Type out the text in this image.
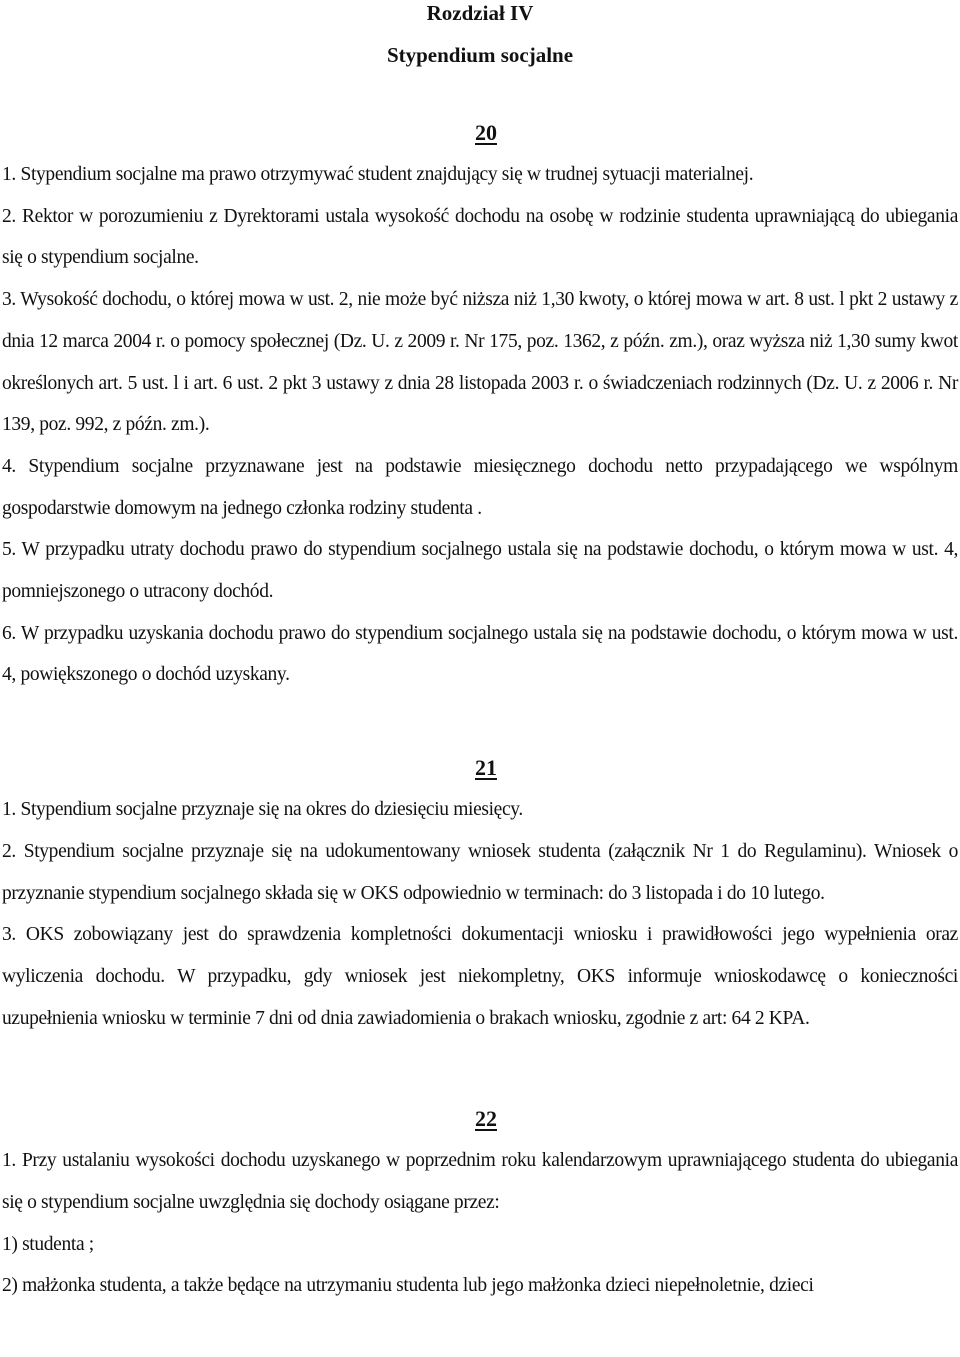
Rozdział IV

Stypendium socjalne

20

1. Stypendium socjalne ma prawo otrzymywać student znajdujący się w trudnej sytuacji materialnej.

2. Rektor w porozumieniu z Dyrektorami ustala wysokość dochodu na osobę w rodzinie studenta uprawniającą do ubiegania się o stypendium socjalne.

3. Wysokość dochodu, o której mowa w ust. 2, nie może być niższa niż 1,30 kwoty, o której mowa w art. 8 ust. l pkt 2 ustawy z dnia 12 marca 2004 r. o pomocy społecznej (Dz. U. z 2009 r. Nr 175, poz. 1362, z późn. zm.), oraz wyższa niż 1,30 sumy kwot określonych art. 5 ust. l i art. 6 ust. 2 pkt 3 ustawy z dnia 28 listopada 2003 r. o świadczeniach rodzinnych (Dz. U. z 2006 r. Nr 139, poz. 992, z późn. zm.).

4. Stypendium socjalne przyznawane jest na podstawie miesięcznego dochodu netto przypadającego we wspólnym gospodarstwie domowym na jednego członka rodziny studenta .

5. W przypadku utraty dochodu prawo do stypendium socjalnego ustala się na podstawie dochodu, o którym mowa w ust. 4, pomniejszonego o utracony dochód.

6. W przypadku uzyskania dochodu prawo do stypendium socjalnego ustala się na podstawie dochodu, o którym mowa w ust. 4, powiększonego o dochód uzyskany.

21

1. Stypendium socjalne przyznaje się na okres do dziesięciu miesięcy.

2. Stypendium socjalne przyznaje się na udokumentowany wniosek studenta (załącznik Nr 1 do Regulaminu). Wniosek o przyznanie stypendium socjalnego składa się w OKS odpowiednio w terminach: do 3 listopada i do 10 lutego.

3. OKS zobowiązany jest do sprawdzenia kompletności dokumentacji wniosku i prawidłowości jego wypełnienia oraz wyliczenia dochodu. W przypadku, gdy wniosek jest niekompletny, OKS informuje wnioskodawcę o konieczności uzupełnienia wniosku w terminie 7 dni od dnia zawiadomienia o brakach wniosku, zgodnie z art: 64 2 KPA.

22

1. Przy ustalaniu wysokości dochodu uzyskanego w poprzednim roku kalendarzowym uprawniającego studenta do ubiegania się o stypendium socjalne uwzględnia się dochody osiągane przez:

1) studenta ;

2) małżonka studenta, a także będące na utrzymaniu studenta lub jego małżonka dzieci niepełnoletnie, dzieci
